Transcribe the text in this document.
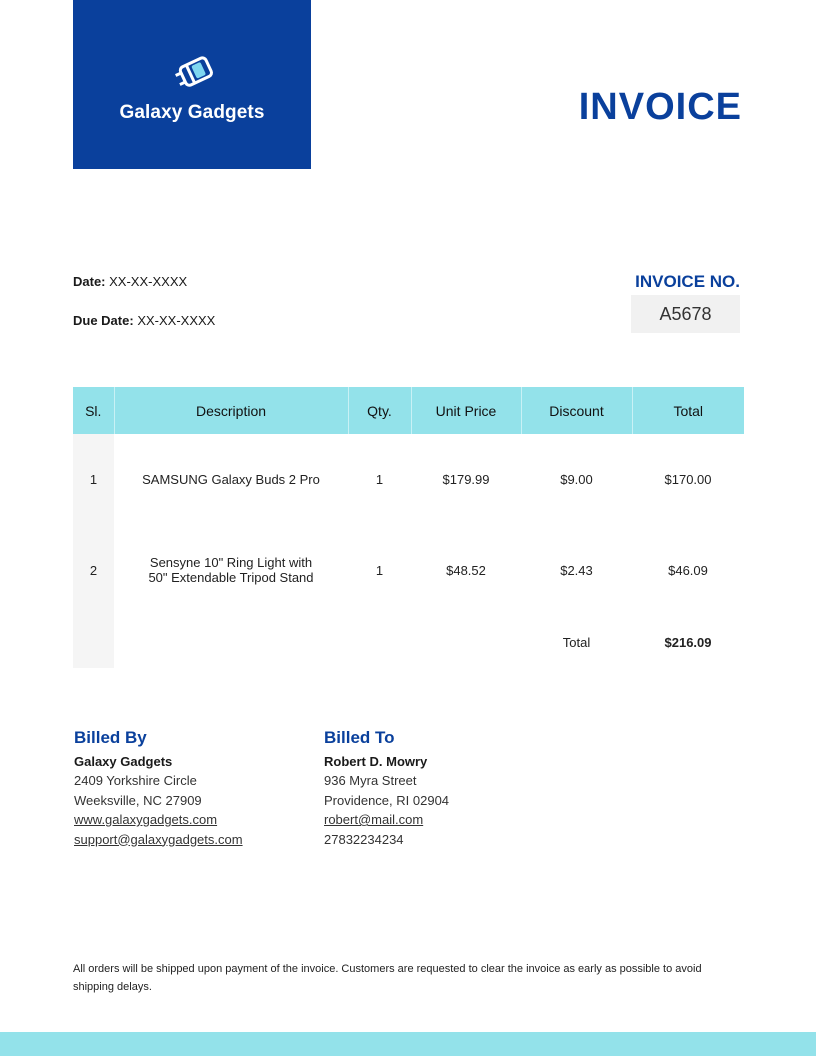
Galaxy Gadgets	INVOICE
Date: XX-XX-XXXX
Due Date: XX-XX-XXXX
INVOICE NO.
A5678
Sl.	Description	Qty.	Unit Price	Discount	Total
1	SAMSUNG Galaxy Buds 2 Pro	1	$179.99	$9.00	$170.00
2	Sensyne 10" Ring Light with
50" Extendable Tripod Stand	1	$48.52	$2.43	$46.09
				Total	$216.09
Billed By
Galaxy Gadgets
2409 Yorkshire Circle
Weeksville, NC 27909
www.galaxygadgets.com
support@galaxygadgets.com
Billed To
Robert D. Mowry
936 Myra Street
Providence, RI 02904
robert@mail.com
27832234234
All orders will be shipped upon payment of the invoice. Customers are requested to clear the invoice as early as possible to avoid shipping delays.
